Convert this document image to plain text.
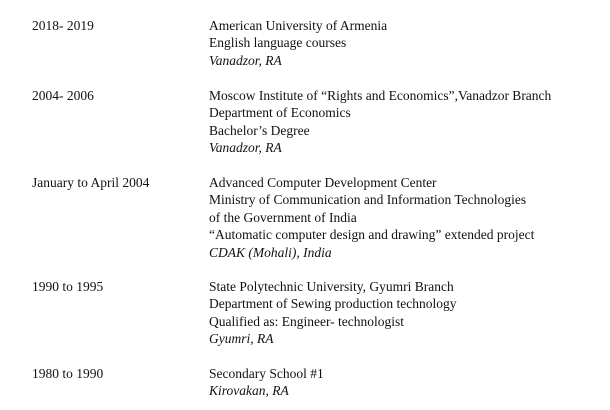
2018- 2019	American University of Armenia
English language courses
Vanadzor, RA
2004- 2006	Moscow Institute of “Rights and Economics”,Vanadzor Branch
Department of Economics
Bachelor’s Degree
Vanadzor, RA
January to April 2004	Advanced Computer Development Center
Ministry of Communication and Information Technologies
of the Government of India
“Automatic computer design and drawing” extended project
CDAK (Mohali), India
1990 to 1995	State Polytechnic University, Gyumri Branch
Department of Sewing production technology
Qualified as: Engineer- technologist
Gyumri, RA
1980 to 1990	Secondary School #1
Kirovakan, RA
